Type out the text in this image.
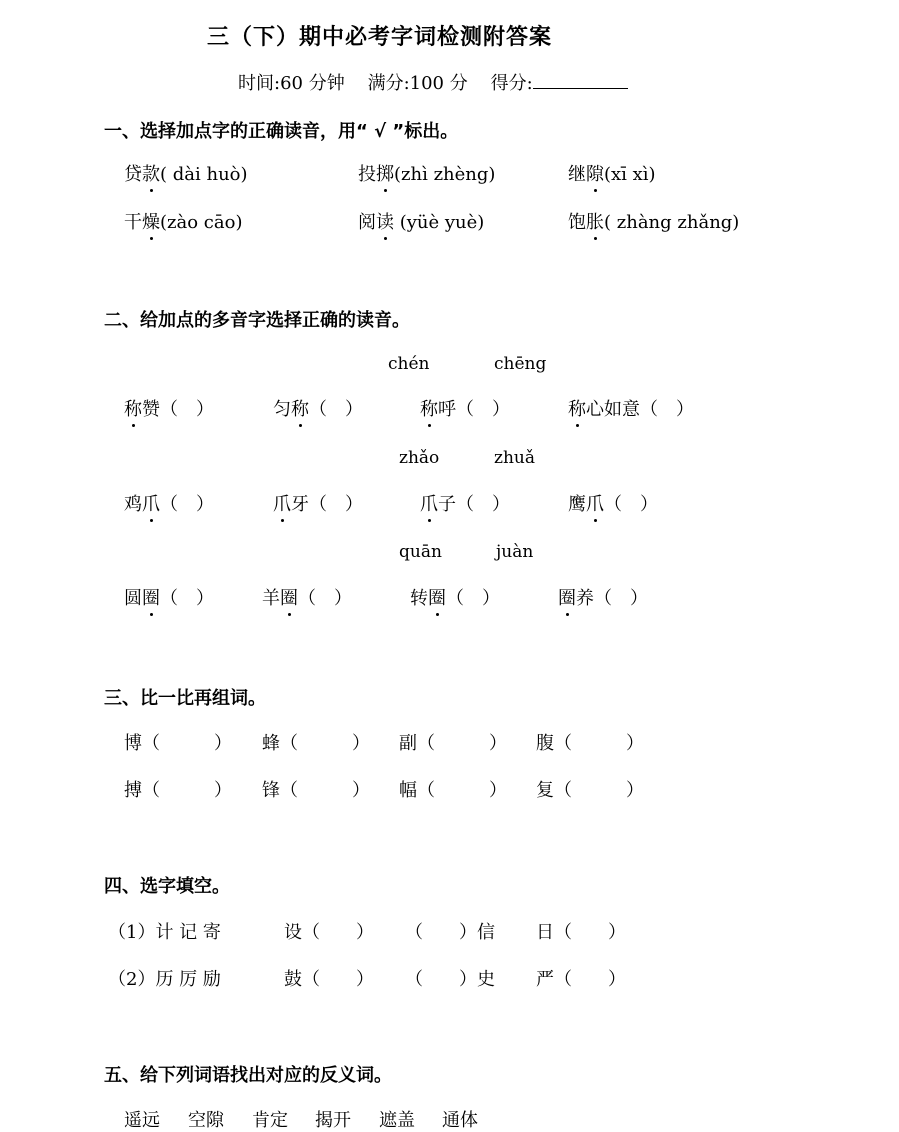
三（下）期中必考字词检测附答案
时间:60 分钟 满分:100 分 得分:
一、选择加点字的正确读音，用“ √ ”标出。
贷款( dài huò)	投掷(zhì zhèng)	继隙(xī xì)
干燥(zào cāo)	阅读 (yüè yuè)	饱胀( zhàng zhǎng)
二、给加点的多音字选择正确的读音。
chén	chēng
称赞（　）	匀称（　）	称呼（　）	称心如意（　）
zhǎo	zhuǎ
鸡爪（　）	爪牙（　）	爪子（　）	鹰爪（　）
quān	juàn
圆圈（　）	羊圈（　）	转圈（　）	圈养（　）
三、比一比再组词。
博（　　　） 蜂（　　　） 副（　　　） 腹（　　　）
搏（　　　） 锋（　　　） 幅（　　　） 复（　　　）
四、选字填空。
（1）计 记 寄	设（　　） （　　）信 日（　　）
（2）历 厉 励	鼓（　　） （　　）史 严（　　）
五、给下列词语找出对应的反义词。
遥远 空隙 肯定 揭开 遮盖 通体
